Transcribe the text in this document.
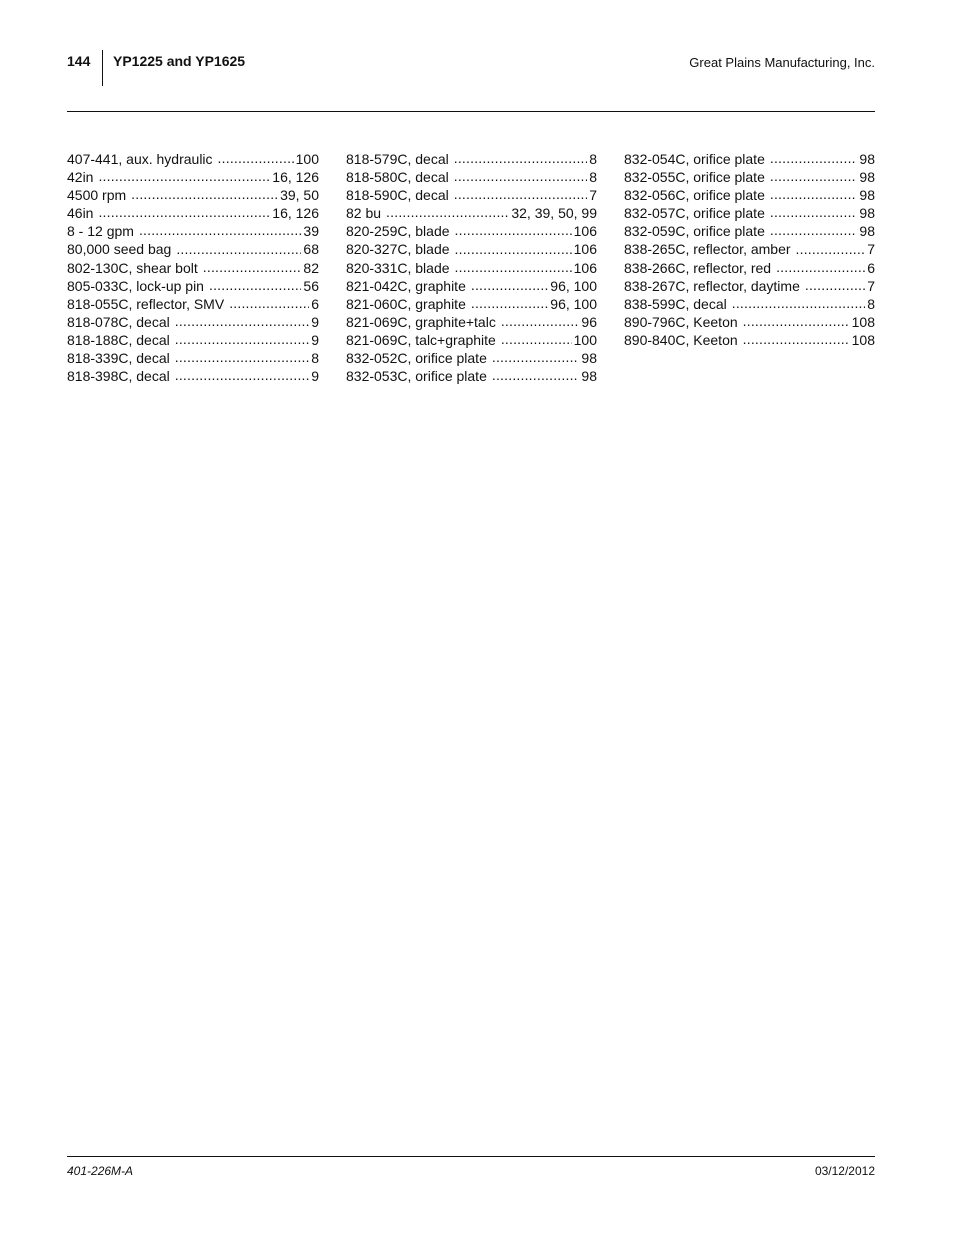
144 YP1225 and YP1625	Great Plains Manufacturing, Inc.
407-441, aux. hydraulic .....	100
42in .....	16, 126
4500 rpm .....	39, 50
46in .....	16, 126
8 - 12 gpm .....	39
80,000 seed bag .....	68
802-130C, shear bolt .....	82
805-033C, lock-up pin .....	56
818-055C, reflector, SMV .....	6
818-078C, decal .....	9
818-188C, decal .....	9
818-339C, decal .....	8
818-398C, decal .....	9
818-579C, decal .....	8
818-580C, decal .....	8
818-590C, decal .....	7
82 bu .....	32, 39, 50, 99
820-259C, blade .....	106
820-327C, blade .....	106
820-331C, blade .....	106
821-042C, graphite .....	96, 100
821-060C, graphite .....	96, 100
821-069C, graphite+talc .....	96
821-069C, talc+graphite .....	100
832-052C, orifice plate .....	98
832-053C, orifice plate .....	98
832-054C, orifice plate .....	98
832-055C, orifice plate .....	98
832-056C, orifice plate .....	98
832-057C, orifice plate .....	98
832-059C, orifice plate .....	98
838-265C, reflector, amber .....	7
838-266C, reflector, red .....	6
838-267C, reflector, daytime .....	7
838-599C, decal .....	8
890-796C, Keeton .....	108
890-840C, Keeton .....	108
401-226M-A	03/12/2012
